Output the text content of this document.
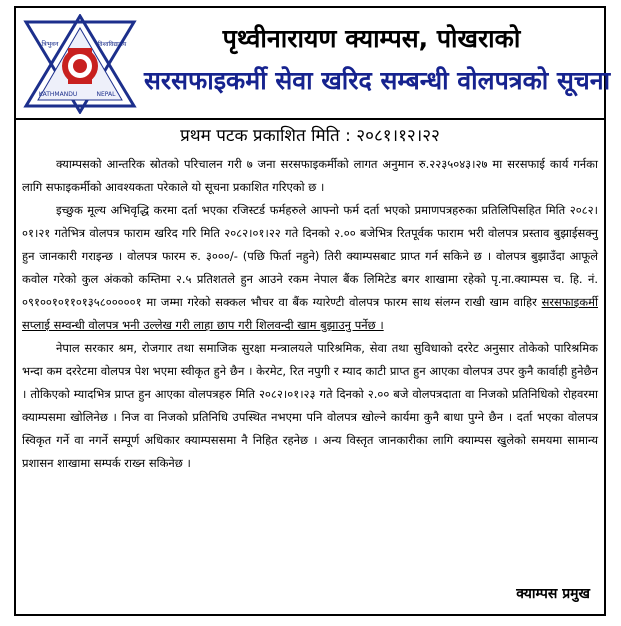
त्रिभुवन	विश्वविद्यालय
KATHMANDU	NEPAL
पृथ्वीनारायण क्याम्पस, पोखराको
सरसफाइकर्मी सेवा खरिद सम्बन्धी वोलपत्रको सूचना
प्रथम पटक प्रकाशित मिति : २०८१।१२।२२

क्याम्पसको आन्तरिक स्रोतको परिचालन गरी ७ जना सरसफाइकर्मीको लागत अनुमान रु.२२३५०४३।२७ मा सरसफाई कार्य गर्नका लागि सफाइकर्मीको आवश्यकता परेकाले यो सूचना प्रकाशित गरिएको छ ।

इच्छुक मूल्य अभिवृद्धि करमा दर्ता भएका रजिस्टर्ड फर्महरुले आफ्नो फर्म दर्ता भएको प्रमाणपत्रहरुका प्रतिलिपिसहित मिति २०८२।०१।२१ गतेभित्र वोलपत्र फाराम खरिद गरि मिति २०८२।०१।२२ गते दिनको २.०० बजेभित्र रितपूर्वक फाराम भरी वोलपत्र प्रस्ताव बुझाईसक्नु हुन जानकारी गराइन्छ । वोलपत्र फारम रु. ३०००/- (पछि फिर्ता नहुने) तिरी क्याम्पसबाट प्राप्त गर्न सकिने छ । वोलपत्र बुझाउँदा आफूले कवोल गरेको कुल अंकको कम्तिमा २.५ प्रतिशतले हुन आउने रकम नेपाल बैंक लिमिटेड बगर शाखामा रहेको पृ.ना.क्याम्पस च. हि. नं. ०९१००१०११०१३५८०००००१ मा जम्मा गरेको सक्कल भौचर वा बैंक ग्यारेण्टी वोलपत्र फारम साथ संलग्न राखी खाम वाहिर सरसफाइकर्मी सप्लाई सम्वन्धी वोलपत्र भनी उल्लेख गरी लाहा छाप गरी शिलवन्दी खाम बुझाउनु पर्नेछ ।

नेपाल सरकार श्रम, रोजगार तथा समाजिक सुरक्षा मन्त्रालयले पारिश्रमिक, सेवा तथा सुविधाको दररेट अनुसार तोकेको पारिश्रमिक भन्दा कम दररेटमा वोलपत्र पेश भएमा स्वीकृत हुने छैन । केरमेट, रित नपुगी र म्याद काटी प्राप्त हुन आएका वोलपत्र उपर कुनै कार्वाही हुनेछैन । तोकिएको म्यादभित्र प्राप्त हुन आएका वोलपत्रहरु मिति २०८२।०१।२३ गते दिनको २.०० बजे वोलपत्रदाता वा निजको प्रतिनिधिको रोहवरमा क्याम्पसमा खोलिनेछ । निज वा निजको प्रतिनिधि उपस्थित नभएमा पनि वोलपत्र खोल्ने कार्यमा कुनै बाधा पुग्ने छैन । दर्ता भएका वोलपत्र स्विकृत गर्ने वा नगर्ने सम्पूर्ण अधिकार क्याम्पससमा नै निहित रहनेछ । अन्य विस्तृत जानकारीका लागि क्याम्पस खुलेको समयमा सामान्य प्रशासन शाखामा सम्पर्क राख्न सकिनेछ ।

क्याम्पस प्रमुख
